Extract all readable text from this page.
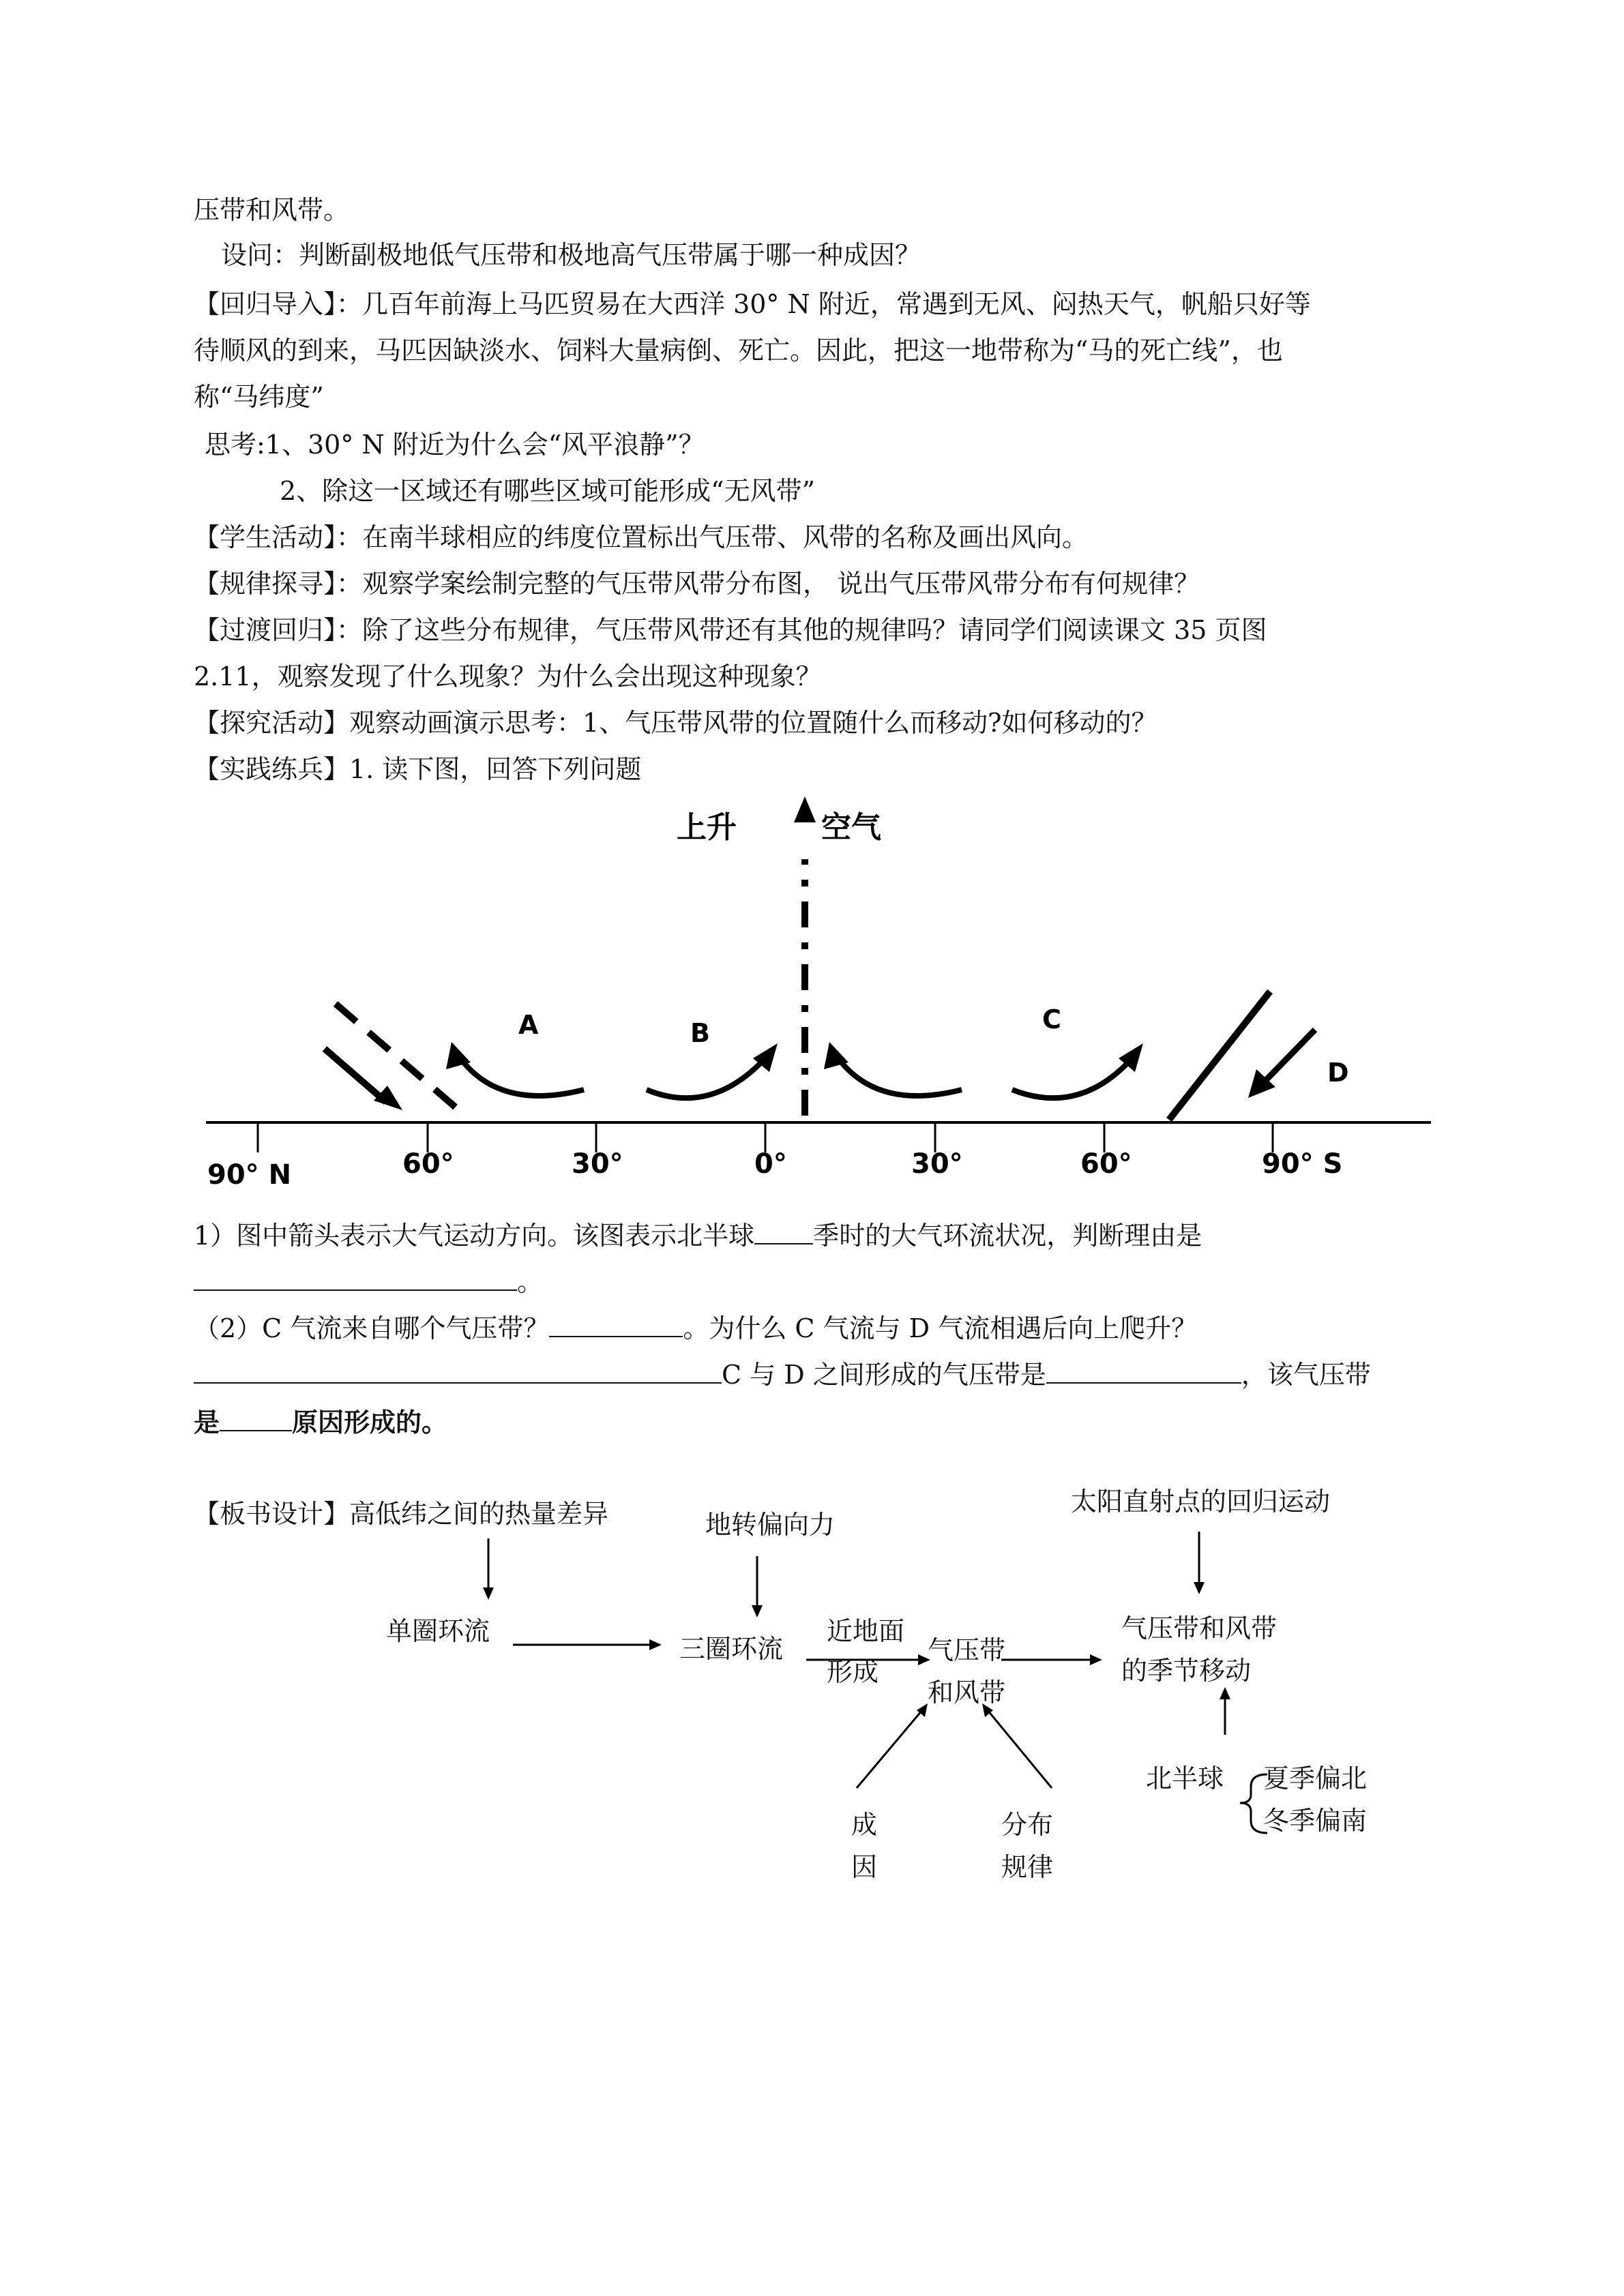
压带和风带。
设问：判断副极地低气压带和极地高气压带属于哪一种成因？
【回归导入】：几百年前海上马匹贸易在大西洋 30° N 附近，常遇到无风、闷热天气，帆船只好等
待顺风的到来，马匹因缺淡水、饲料大量病倒、死亡。因此，把这一地带称为“马的死亡线”，也
称“马纬度”
思考:1、30° N 附近为什么会“风平浪静”？
2、除这一区域还有哪些区域可能形成“无风带”
【学生活动】：在南半球相应的纬度位置标出气压带、风带的名称及画出风向。
【规律探寻】：观察学案绘制完整的气压带风带分布图， 说出气压带风带分布有何规律？
【过渡回归】：除了这些分布规律，气压带风带还有其他的规律吗？请同学们阅读课文 35 页图
2.11，观察发现了什么现象？为什么会出现这种现象？
【探究活动】观察动画演示思考：1、气压带风带的位置随什么而移动?如何移动的？
【实践练兵】1. 读下图，回答下列问题
上升	空气
A	B	C
D
90° N	60°	30°	0°	30°	60°	90° S
1）图中箭头表示大气运动方向。该图表示北半球 季时的大气环流状况，判断理由是
。
（2）C 气流来自哪个气压带？	。为什么 C 气流与 D 气流相遇后向上爬升？
C 与 D 之间形成的气压带是	，该气压带
是	原因形成的。
【板书设计】高低纬之间的热量差异	地转偏向力
太阳直射点的回归运动
单圈环流
三圈环流
近地面
形成
气压带
和风带
气压带和风带
的季节移动
成
因
分布
规律
北半球 夏季偏北
冬季偏南
